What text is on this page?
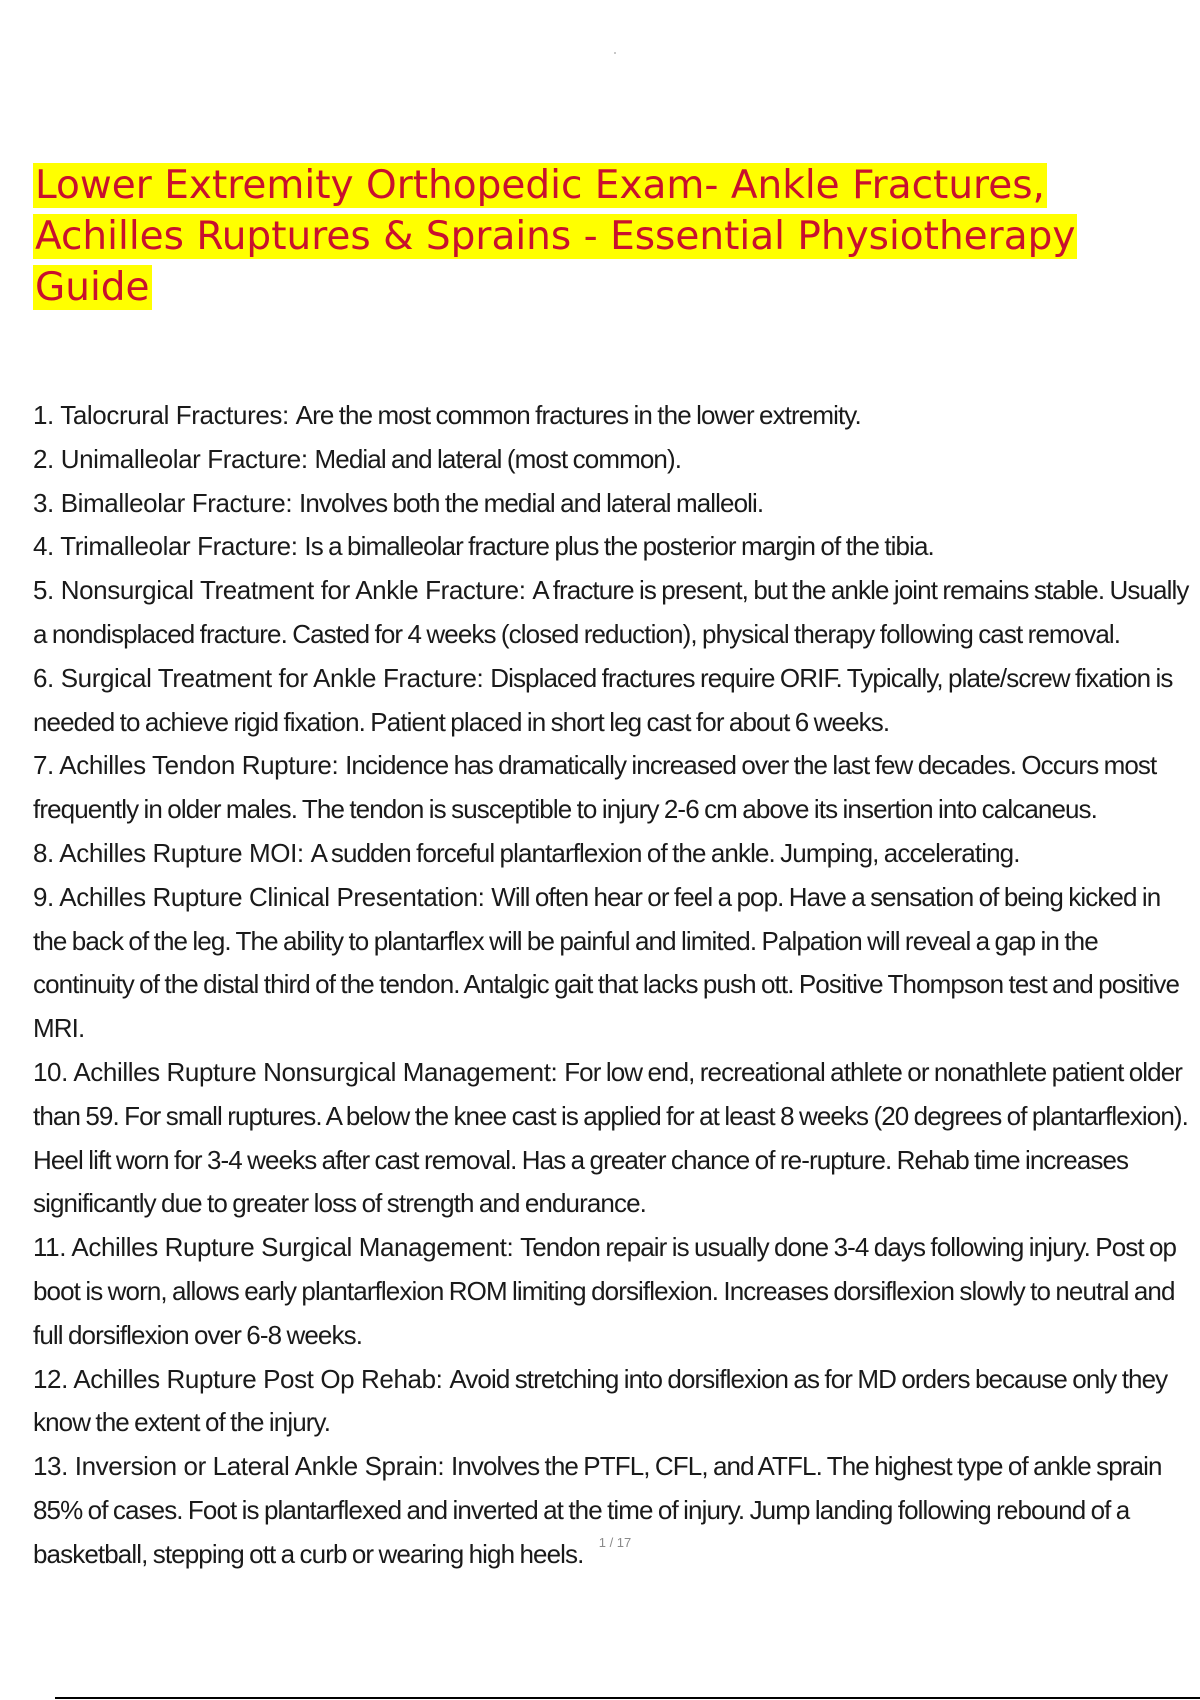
Lower Extremity Orthopedic Exam- Ankle Fractures,
Achilles Ruptures & Sprains - Essential Physiotherapy
Guide

1. Talocrural Fractures: Are the most common fractures in the lower extremity.

2. Unimalleolar Fracture: Medial and lateral (most common).

3. Bimalleolar Fracture: Involves both the medial and lateral malleoli.

4. Trimalleolar Fracture: Is a bimalleolar fracture plus the posterior margin of the tibia.

5. Nonsurgical Treatment for Ankle Fracture: A fracture is present, but the ankle joint remains stable. Usually a nondisplaced fracture. Casted for 4 weeks (closed reduction), physical therapy following cast removal.

6. Surgical Treatment for Ankle Fracture: Displaced fractures require ORIF. Typically, plate/screw fixation is needed to achieve rigid fixation. Patient placed in short leg cast for about 6 weeks.

7. Achilles Tendon Rupture: Incidence has dramatically increased over the last few decades. Occurs most frequently in older males. The tendon is susceptible to injury 2-6 cm above its insertion into calcaneus.

8. Achilles Rupture MOI: A sudden forceful plantarflexion of the ankle. Jumping, accelerating.

9. Achilles Rupture Clinical Presentation: Will often hear or feel a pop. Have a sensation of being kicked in the back of the leg. The ability to plantarflex will be painful and limited. Palpation will reveal a gap in the continuity of the distal third of the tendon. Antalgic gait that lacks push ott. Positive Thompson test and positive MRI.

10. Achilles Rupture Nonsurgical Management: For low end, recreational athlete or nonathlete patient older than 59. For small ruptures. A below the knee cast is applied for at least 8 weeks (20 degrees of plantarflexion). Heel lift worn for 3-4 weeks after cast removal. Has a greater chance of re-rupture. Rehab time increases significantly due to greater loss of strength and endurance.

11. Achilles Rupture Surgical Management: Tendon repair is usually done 3-4 days following injury. Post op boot is worn, allows early plantarflexion ROM limiting dorsiflexion. Increases dorsiflexion slowly to neutral and full dorsiflexion over 6-8 weeks.

12. Achilles Rupture Post Op Rehab: Avoid stretching into dorsiflexion as for MD orders because only they know the extent of the injury.

13. Inversion or Lateral Ankle Sprain: Involves the PTFL, CFL, and ATFL. The highest type of ankle sprain 85% of cases. Foot is plantarflexed and inverted at the time of injury. Jump landing following rebound of a basketball, stepping ott a curb or wearing high heels.	1 / 17
